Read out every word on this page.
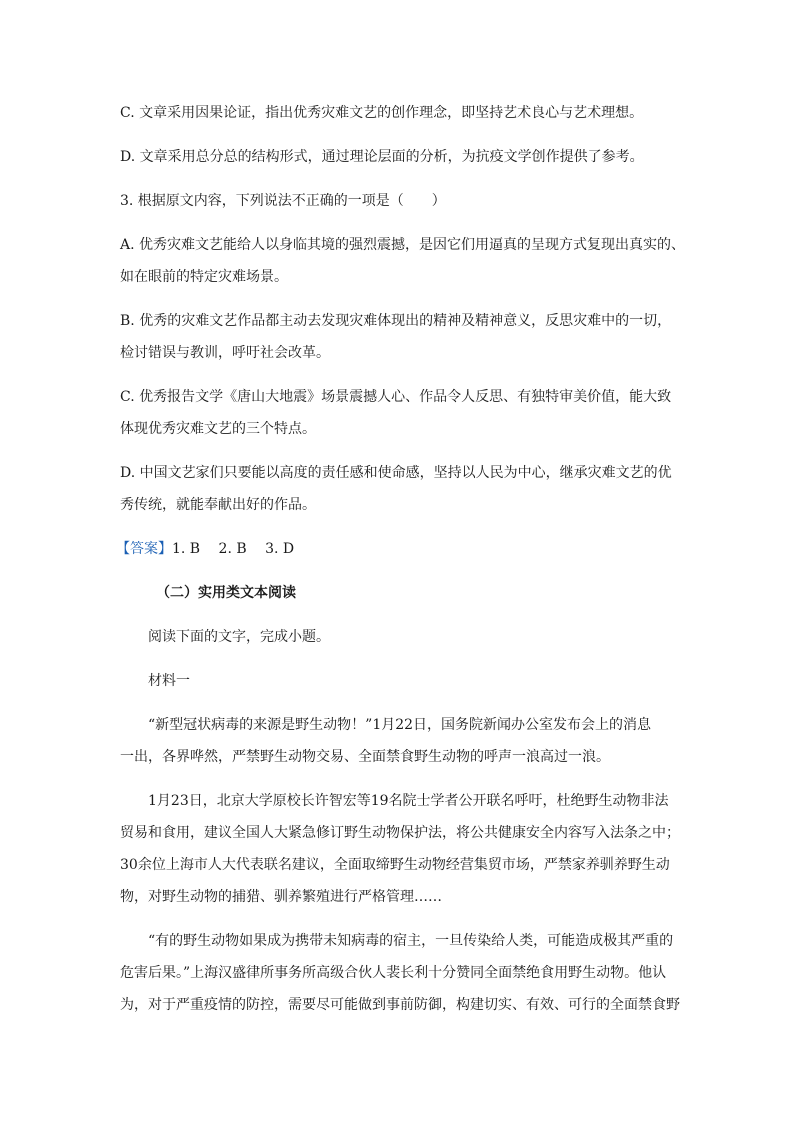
C. 文章采用因果论证，指出优秀灾难文艺的创作理念，即坚持艺术良心与艺术理想。

D. 文章采用总分总的结构形式，通过理论层面的分析，为抗疫文学创作提供了参考。

3. 根据原文内容，下列说法不正确的一项是（　　）

A. 优秀灾难文艺能给人以身临其境的强烈震撼，是因它们用逼真的呈现方式复现出真实的、

如在眼前的特定灾难场景。

B. 优秀的灾难文艺作品都主动去发现灾难体现出的精神及精神意义，反思灾难中的一切，

检讨错误与教训，呼吁社会改革。

C. 优秀报告文学《唐山大地震》场景震撼人心、作品令人反思、有独特审美价值，能大致

体现优秀灾难文艺的三个特点。

D. 中国文艺家们只要能以高度的责任感和使命感，坚持以人民为中心，继承灾难文艺的优

秀传统，就能奉献出好的作品。

【答案】1. B　 2. B　 3. D

（二）实用类文本阅读

阅读下面的文字，完成小题。

材料一

“新型冠状病毒的来源是野生动物！”1月22日，国务院新闻办公室发布会上的消息

一出，各界哗然，严禁野生动物交易、全面禁食野生动物的呼声一浪高过一浪。

1月23日，北京大学原校长许智宏等19名院士学者公开联名呼吁，杜绝野生动物非法

贸易和食用，建议全国人大紧急修订野生动物保护法，将公共健康安全内容写入法条之中；

30余位上海市人大代表联名建议，全面取缔野生动物经营集贸市场，严禁家养驯养野生动

物，对野生动物的捕猎、驯养繁殖进行严格管理……

“有的野生动物如果成为携带未知病毒的宿主，一旦传染给人类，可能造成极其严重的

危害后果。”上海汉盛律所事务所高级合伙人裴长利十分赞同全面禁绝食用野生动物。他认

为，对于严重疫情的防控，需要尽可能做到事前防御，构建切实、有效、可行的全面禁食野
